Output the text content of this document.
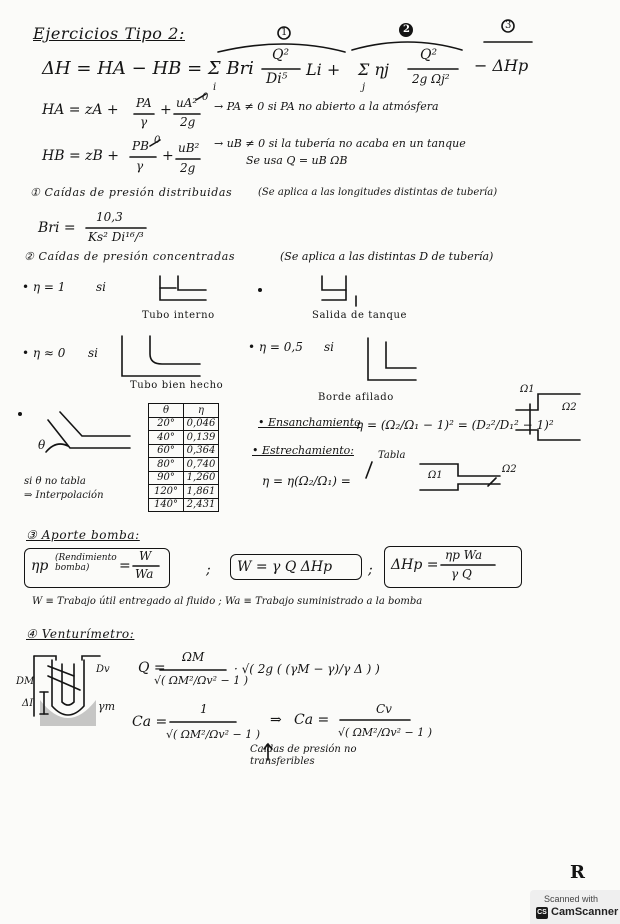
Ejercicios Tipo 2:	1	2	3
ΔH = HA − HB = Σ Bri
Q²
Di⁵ Li + Σ ηj
Q²
2g Ωj²
− ΔHp
i	j
HA = zA + PA
γ
+ uA²
2g
0
→ PA ≠ 0 si PA no abierto a la atmósfera
HB = zB +
PB 0
γ
+ uB²
2g
→ uB ≠ 0 si la tubería no acaba en un tanque
Se usa Q = uB ΩB
① Caídas de presión distribuidas	(Se aplica a las longitudes distintas de tubería)
Bri =
10,3
Ks² Di¹⁶/³
② Caídas de presión concentradas	(Se aplica a las distintas D de tubería)
• η = 1	si
Tubo interno	Salida de tanque
• η ≈ 0 si	• η = 0,5 si
Tubo bien hecho
Borde afilado
θ
si θ no tabla
⇒ Interpolación
θ	η
20°	0,046
40°	0,139
60°	0,364
80°	0,740
90°	1,260
120°	1,861
140°	2,431
• Ensanchamiento
η = (Ω₂/Ω₁ − 1)² = (D₂²/D₁² − 1)²
Ω1
Ω2
• Estrechamiento: Tabla
η = η(Ω₂/Ω₁) =	Ω1
Ω2
③ Aporte bomba:
ηp (Rendimiento bomba)	=
W
Wa	;	W = γ Q ΔHp	; ΔHp =
ηp Wa
γ Q
W ≡ Trabajo útil entregado al fluido ; Wa ≡ Trabajo suministrado a la bomba
④ Venturímetro:
DM
Dv
ΔI	γm
Q =
ΩM
√( ΩM²/Ωv² − 1 )
· √( 2g ( (γM − γ)/γ Δ ) )
Ca =
1
√( ΩM²/Ωv² − 1 )
⇒ Ca =
Cv
√( ΩM²/Ωv² − 1 )
Caídas de presión no transferibles
R
Scanned with
CS CamScanner
